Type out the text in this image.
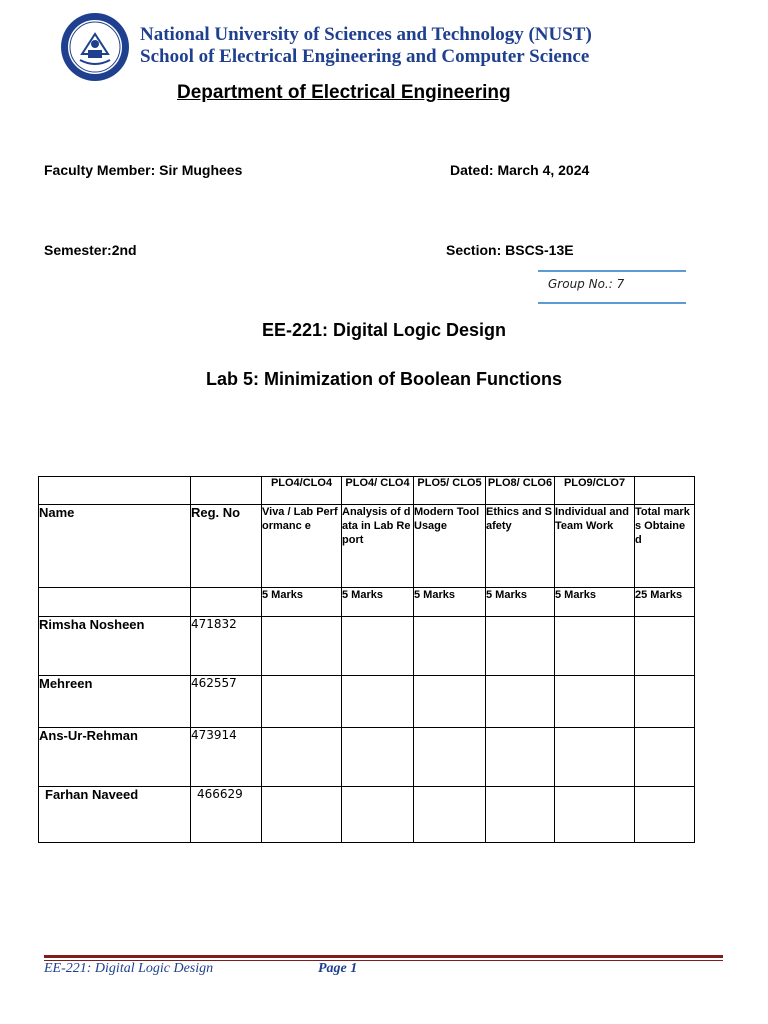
National University of Sciences and Technology (NUST)
School of Electrical Engineering and Computer Science
Department of Electrical Engineering
Faculty Member: Sir Mughees	Dated: March 4, 2024
Semester:2nd	Section: BSCS-13E
Group No.: 7
EE-221: Digital Logic Design
Lab 5: Minimization of Boolean Functions
		PLO4/CLO4	PLO4/ CLO4	PLO5/ CLO5	PLO8/ CLO6	PLO9/CLO7	
Name	Reg. No	Viva / Lab Performanc e	Analysis of data in Lab Report	Modern Tool Usage	Ethics and Safety	Individual and Team Work	Total marks Obtaine d
		5 Marks	5 Marks	5 Marks	5 Marks	5 Marks	25 Marks
Rimsha Nosheen	471832						
Mehreen	462557						
Ans-Ur-Rehman	473914						
Farhan Naveed	466629						
EE-221: Digital Logic Design	Page 1
